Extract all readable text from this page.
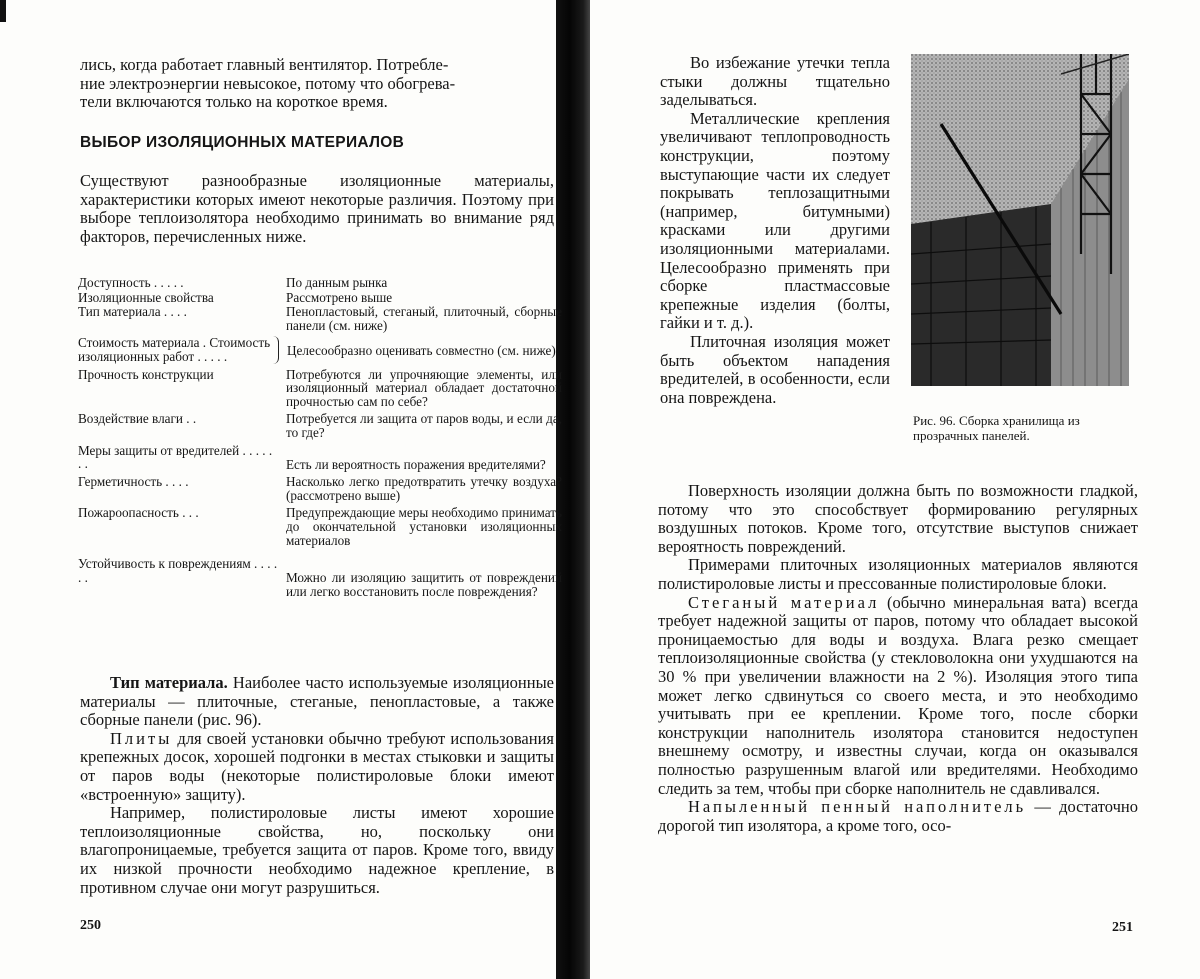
лись, когда работает главный вентилятор. Потребле-

ние электроэнергии невысокое, потому что обогрева-

тели включаются только на короткое время.

ВЫБОР ИЗОЛЯЦИОННЫХ МАТЕРИАЛОВ

Существуют разнообразные изоляционные материалы, характеристики которых имеют некоторые различия. Поэтому при выборе теплоизолятора необходимо принимать во внимание ряд факторов, перечисленных ниже.

Доступность . . . . .	По данным рынка
Изоляционные свойства	Рассмотрено выше
Тип материала . . . .	Пенопластовый, стеганый, плиточный, сборные панели (см. ниже)
Стоимость материала . Стоимость изоляционных работ . . . . .	Целесообразно оценивать совместно (см. ниже)
Прочность конструкции	Потребуются ли упрочняющие элементы, или изоляционный материал обладает достаточной прочностью сам по себе?
Воздействие влаги . .	Потребуется ли защита от паров воды, и если да, то где?
Меры защиты от вредителей . . . . . . .	Есть ли вероятность поражения вредителями?
Герметичность . . . .	Насколько легко предотвратить утечку воздуха? (рассмотрено выше)
Пожароопасность . . .	Предупреждающие меры необходимо принимать до окончательной установки изоляционных материалов
Устойчивость к повреждениям . . . . . .	Можно ли изоляцию защитить от повреждений или легко восстановить после повреждения?

Тип материала. Наиболее часто используемые изоляционные материалы — плиточные, стеганые, пенопластовые, а также сборные панели (рис. 96).

Плиты для своей установки обычно требуют использования крепежных досок, хорошей подгонки в местах стыковки и защиты от паров воды (некоторые полистироловые блоки имеют «встроенную» защиту).

Например, полистироловые листы имеют хорошие теплоизоляционные свойства, но, поскольку они влагопроницаемые, требуется защита от паров. Кроме того, ввиду их низкой прочности необходимо надежное крепление, в противном случае они могут разрушиться.

250

Во избежание утечки тепла стыки должны тщательно заделываться.

Металлические крепления увеличивают теплопроводность конструкции, поэтому выступающие части их следует покрывать теплозащитными (например, битумными) красками или другими изоляционными материалами. Целесообразно применять при сборке пластмассовые крепежные изделия (болты, гайки и т. д.).

Плиточная изоляция может быть объектом нападения вредителей, в особенности, если она повреждена.

Рис. 96. Сборка хранилища из прозрачных панелей.

Поверхность изоляции должна быть по возможности гладкой, потому что это способствует формированию регулярных воздушных потоков. Кроме того, отсутствие выступов снижает вероятность повреждений.

Примерами плиточных изоляционных материалов являются полистироловые листы и прессованные полистироловые блоки.

Стеганый материал (обычно минеральная вата) всегда требует надежной защиты от паров, потому что обладает высокой проницаемостью для воды и воздуха. Влага резко смещает теплоизоляционные свойства (у стекловолокна они ухудшаются на 30 % при увеличении влажности на 2 %). Изоляция этого типа может легко сдвинуться со своего места, и это необходимо учитывать при ее креплении. Кроме того, после сборки конструкции наполнитель изолятора становится недоступен внешнему осмотру, и известны случаи, когда он оказывался полностью разрушенным влагой или вредителями. Необходимо следить за тем, чтобы при сборке наполнитель не сдавливался.

Напыленный пенный наполнитель — достаточно дорогой тип изолятора, а кроме того, осо-

251
